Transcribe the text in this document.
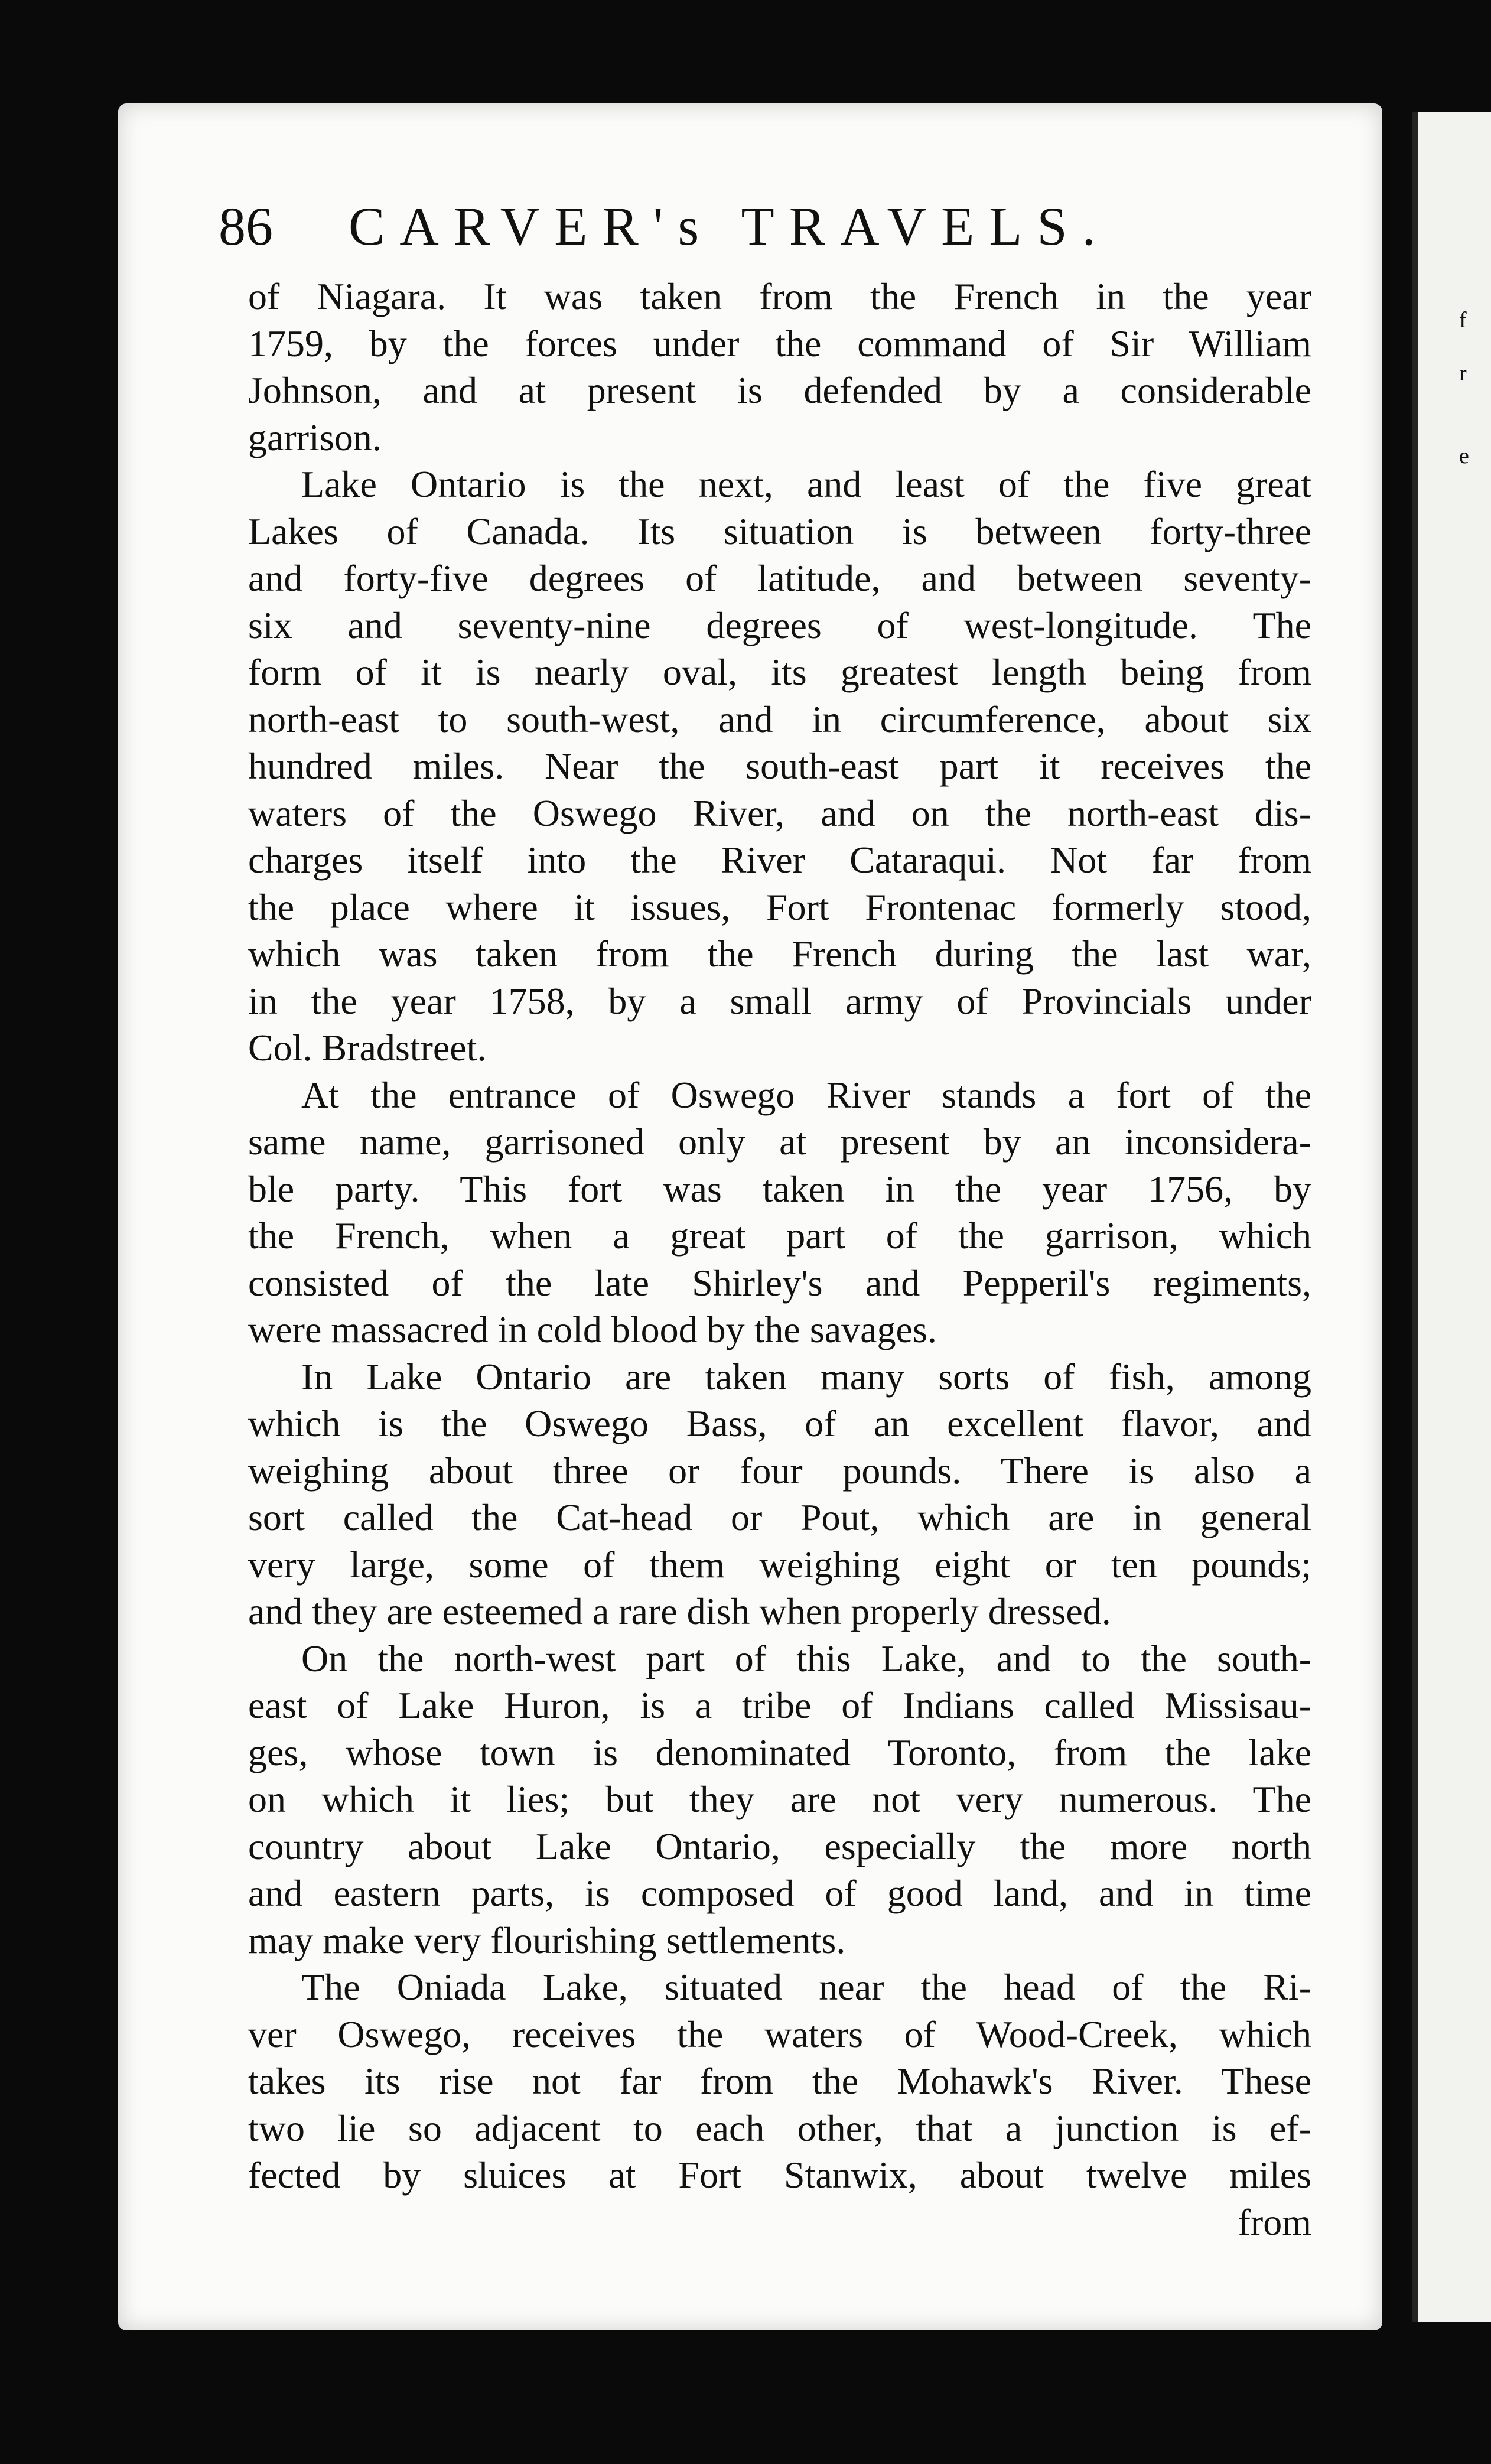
f
r
e
86	CARVER's TRAVELS.
of Niagara. It was taken from the French in the year
1759, by the forces under the command of Sir William
Johnson, and at present is defended by a considerable
garrison.
Lake Ontario is the next, and least of the five great
Lakes of Canada. Its situation is between forty-three
and forty-five degrees of latitude, and between seventy-
six and seventy-nine degrees of west-longitude. The
form of it is nearly oval, its greatest length being from
north-east to south-west, and in circumference, about six
hundred miles. Near the south-east part it receives the
waters of the Oswego River, and on the north-east dis-
charges itself into the River Cataraqui. Not far from
the place where it issues, Fort Frontenac formerly stood,
which was taken from the French during the last war,
in the year 1758, by a small army of Provincials under
Col. Bradstreet.
At the entrance of Oswego River stands a fort of the
same name, garrisoned only at present by an inconsidera-
ble party. This fort was taken in the year 1756, by
the French, when a great part of the garrison, which
consisted of the late Shirley's and Pepperil's regiments,
were massacred in cold blood by the savages.
In Lake Ontario are taken many sorts of fish, among
which is the Oswego Bass, of an excellent flavor, and
weighing about three or four pounds. There is also a
sort called the Cat-head or Pout, which are in general
very large, some of them weighing eight or ten pounds;
and they are esteemed a rare dish when properly dressed.
On the north-west part of this Lake, and to the south-
east of Lake Huron, is a tribe of Indians called Missisau-
ges, whose town is denominated Toronto, from the lake
on which it lies; but they are not very numerous. The
country about Lake Ontario, especially the more north
and eastern parts, is composed of good land, and in time
may make very flourishing settlements.
The Oniada Lake, situated near the head of the Ri-
ver Oswego, receives the waters of Wood-Creek, which
takes its rise not far from the Mohawk's River. These
two lie so adjacent to each other, that a junction is ef-
fected by sluices at Fort Stanwix, about twelve miles
from
